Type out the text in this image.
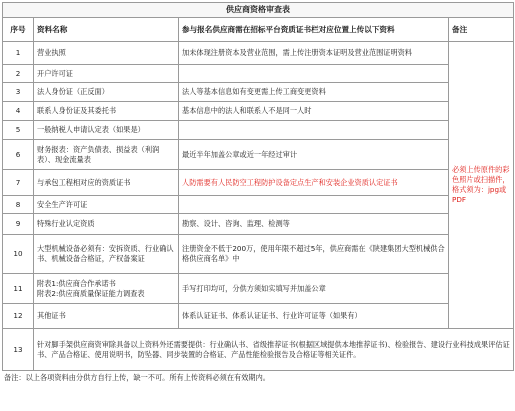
供应商资格审查表			
序号	资料名称	参与报名供应商需在招标平台资质证书栏对应位置上传以下资料	备注
1	营业执照	加未体现注册资本及营业范围，需上传注册资本证明及营业范围证明资料	必须上传原件的彩色照片或扫描件，格式须为：jpg或PDF
2	开户许可证		
3	法人身份证（正反面）	法人等基本信息如有变更需上传工商变更资料	
4	联系人身份证及其委托书	基本信息中的法人和联系人不是同一人时	
5	一般纳税人申请认定表（如果是）		
6	财务报表：资产负债表、损益表（利润表）、现金流量表	最近半年加盖公章或近一年经过审计	
7	与承包工程相对应的资质证书	人防需要有人民防空工程防护设备定点生产和安装企业资质认定证书	
8	安全生产许可证		
9	特殊行业认定资质	勘察、设计、咨询、监理、检测等	
10	大型机械设备必须有：安拆资质、行业确认书、机械设备合格证，产权备案证	注册资金不低于200万，使用年限不超过5年，供应商需在《陕建集团大型机械供合格供应商名单》中	
11	附表1:供应商合作承诺书
附表2:供应商质量保证能力调查表	手写打印均可，分供方须如实填写并加盖公章	
12	其他证书	体系认证证书、体系认证证书、行业许可证等（如果有）	
13	针对脚手架供应商资审除具备以上资料外还需要提供：行业确认书、省级推荐证书(根据区域提供本地推荐证书)、检验报告、建设行业科技成果评估证书、产品合格证、使用说明书，防坠器、同步装置的合格证、产品性能检验报告及合格证等相关证件。		
备注：以上各项资料由分供方自行上传，缺一不可。所有上传资料必须在有效期内。
